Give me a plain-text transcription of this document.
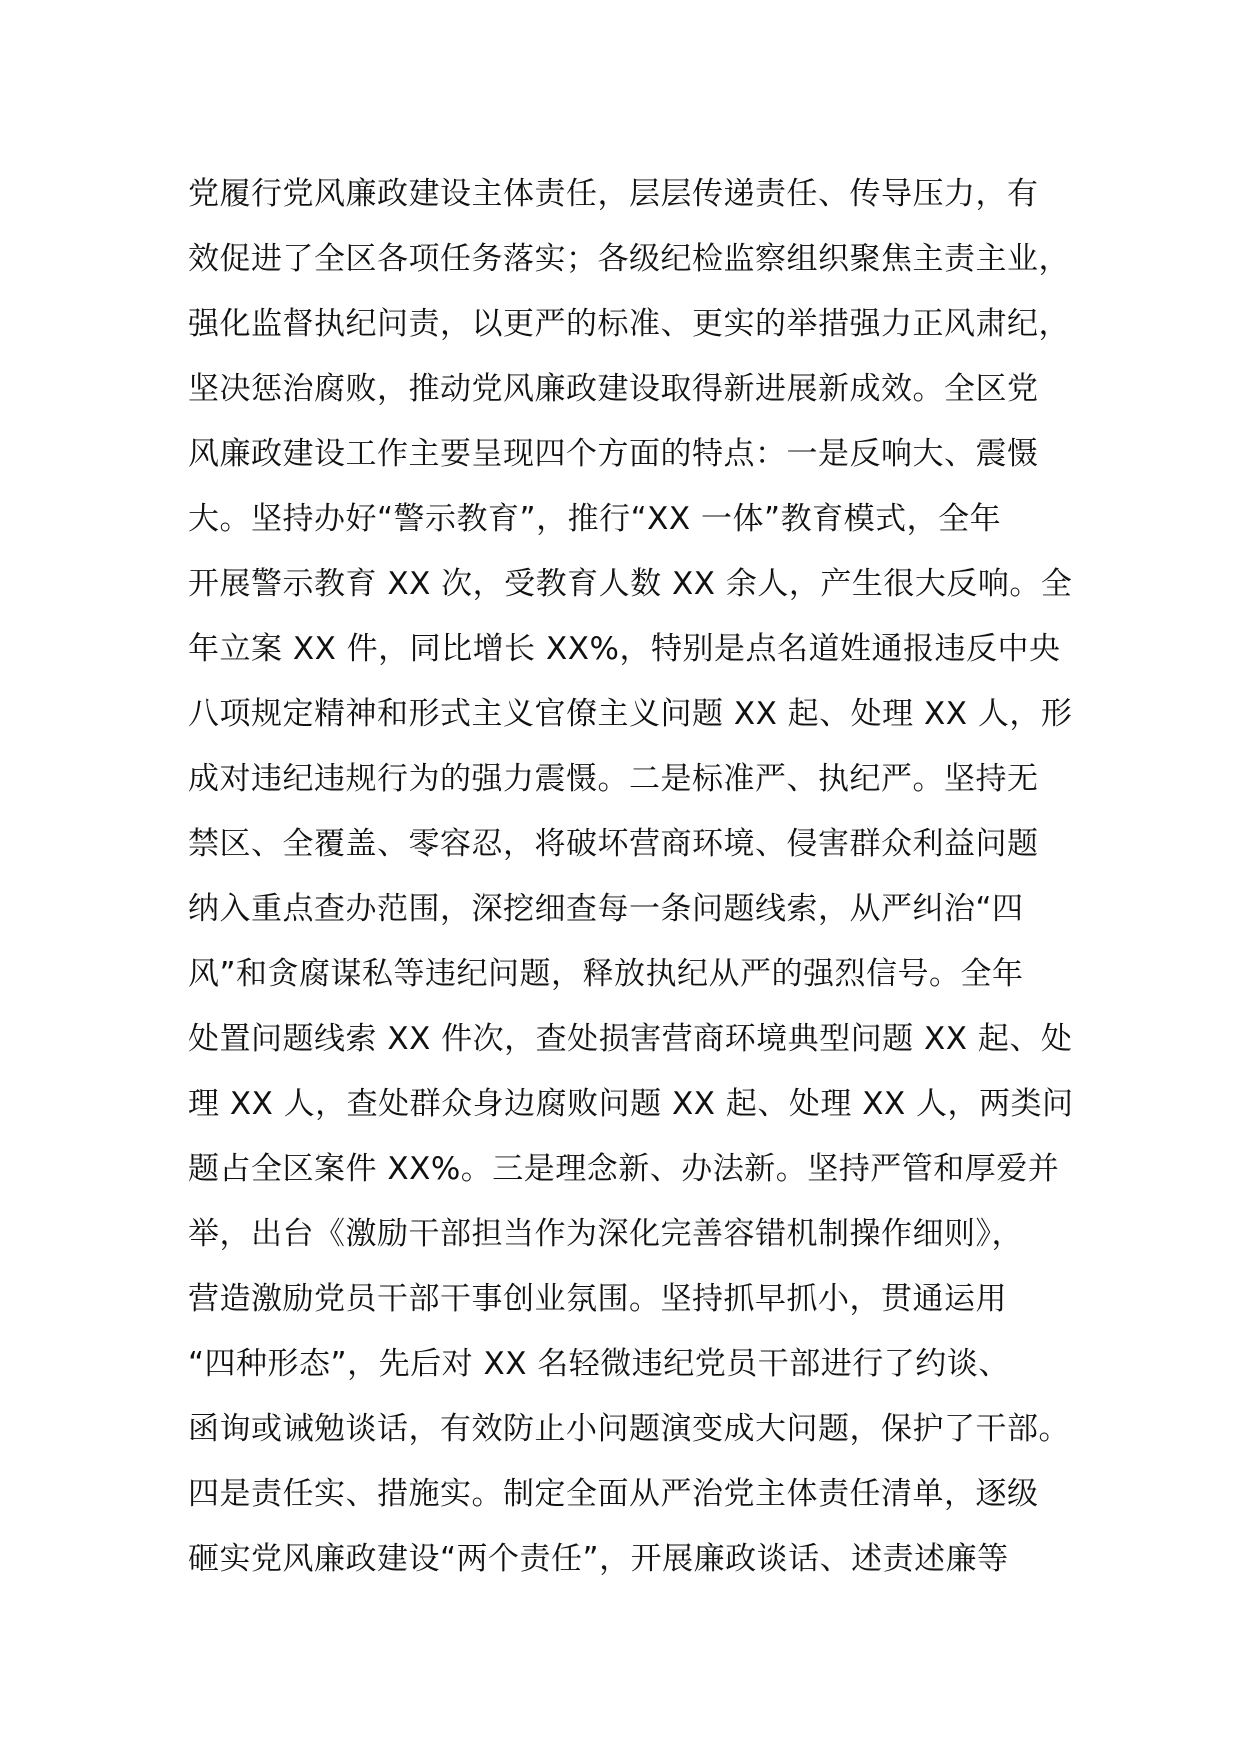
党履行党风廉政建设主体责任，层层传递责任、传导压力，有
效促进了全区各项任务落实；各级纪检监察组织聚焦主责主业，
强化监督执纪问责，以更严的标准、更实的举措强力正风肃纪，
坚决惩治腐败，推动党风廉政建设取得新进展新成效。全区党
风廉政建设工作主要呈现四个方面的特点：一是反响大、震慑
大。坚持办好“警示教育”，推行“XX 一体”教育模式，全年
开展警示教育 XX 次，受教育人数 XX 余人，产生很大反响。全
年立案 XX 件，同比增长 XX%，特别是点名道姓通报违反中央
八项规定精神和形式主义官僚主义问题 XX 起、处理 XX 人，形
成对违纪违规行为的强力震慑。二是标准严、执纪严。坚持无
禁区、全覆盖、零容忍，将破坏营商环境、侵害群众利益问题
纳入重点查办范围，深挖细查每一条问题线索，从严纠治“四
风”和贪腐谋私等违纪问题，释放执纪从严的强烈信号。全年
处置问题线索 XX 件次，查处损害营商环境典型问题 XX 起、处
理 XX 人，查处群众身边腐败问题 XX 起、处理 XX 人，两类问
题占全区案件 XX%。三是理念新、办法新。坚持严管和厚爱并
举，出台《激励干部担当作为深化完善容错机制操作细则》，
营造激励党员干部干事创业氛围。坚持抓早抓小，贯通运用
“四种形态”，先后对 XX 名轻微违纪党员干部进行了约谈、
函询或诫勉谈话，有效防止小问题演变成大问题，保护了干部。
四是责任实、措施实。制定全面从严治党主体责任清单，逐级
砸实党风廉政建设“两个责任”，开展廉政谈话、述责述廉等
